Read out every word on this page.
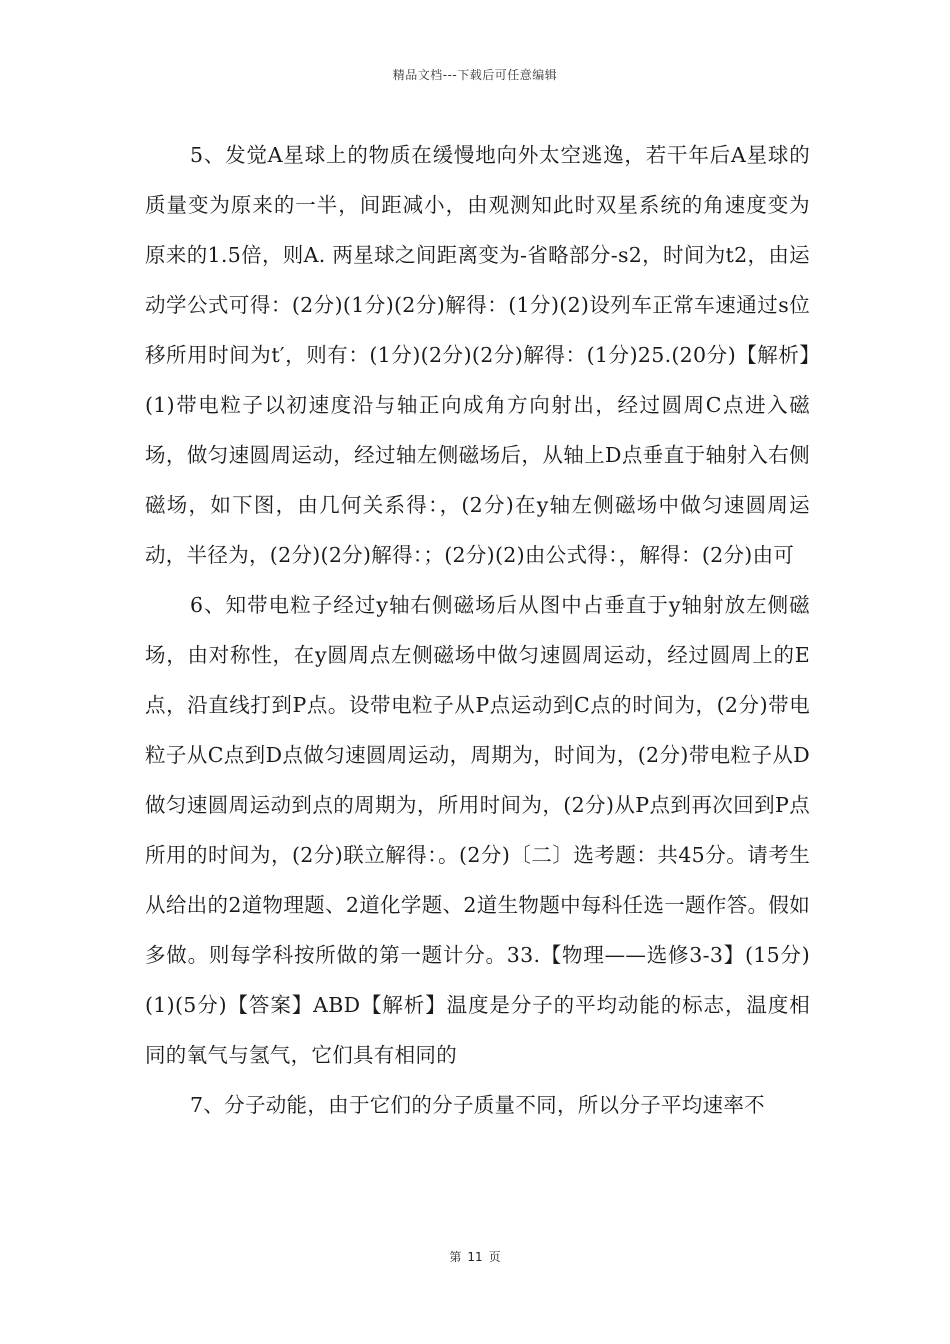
精品文档---下载后可任意编辑

5、发觉A星球上的物质在缓慢地向外太空逃逸，若干年后A星球的质量变为原来的一半，间距减小，由观测知此时双星系统的角速度变为原来的1.5倍，则A. 两星球之间距离变为-省略部分-s2，时间为t2，由运动学公式可得：(2分)(1分)(2分)解得：(1分)(2)设列车正常车速通过s位移所用时间为t′，则有：(1分)(2分)(2分)解得：(1分)25.(20分)【解析】(1)带电粒子以初速度沿与轴正向成角方向射出，经过圆周C点进入磁场，做匀速圆周运动，经过轴左侧磁场后，从轴上D点垂直于轴射入右侧磁场，如下图，由几何关系得：，(2分)在y轴左侧磁场中做匀速圆周运动，半径为，(2分)(2分)解得：；(2分)(2)由公式得：，解得：(2分)由可

6、知带电粒子经过y轴右侧磁场后从图中占垂直于y轴射放左侧磁场，由对称性，在y圆周点左侧磁场中做匀速圆周运动，经过圆周上的E点，沿直线打到P点。设带电粒子从P点运动到C点的时间为，(2分)带电粒子从C点到D点做匀速圆周运动，周期为，时间为，(2分)带电粒子从D做匀速圆周运动到点的周期为，所用时间为，(2分)从P点到再次回到P点所用的时间为，(2分)联立解得：。(2分)〔二〕选考题：共45分。请考生从给出的2道物理题、2道化学题、2道生物题中每科任选一题作答。假如多做。则每学科按所做的第一题计分。33.【物理——选修3-3】(15分)(1)(5分)【答案】ABD【解析】温度是分子的平均动能的标志，温度相同的氧气与氢气，它们具有相同的

7、分子动能，由于它们的分子质量不同，所以分子平均速率不

第 11 页
